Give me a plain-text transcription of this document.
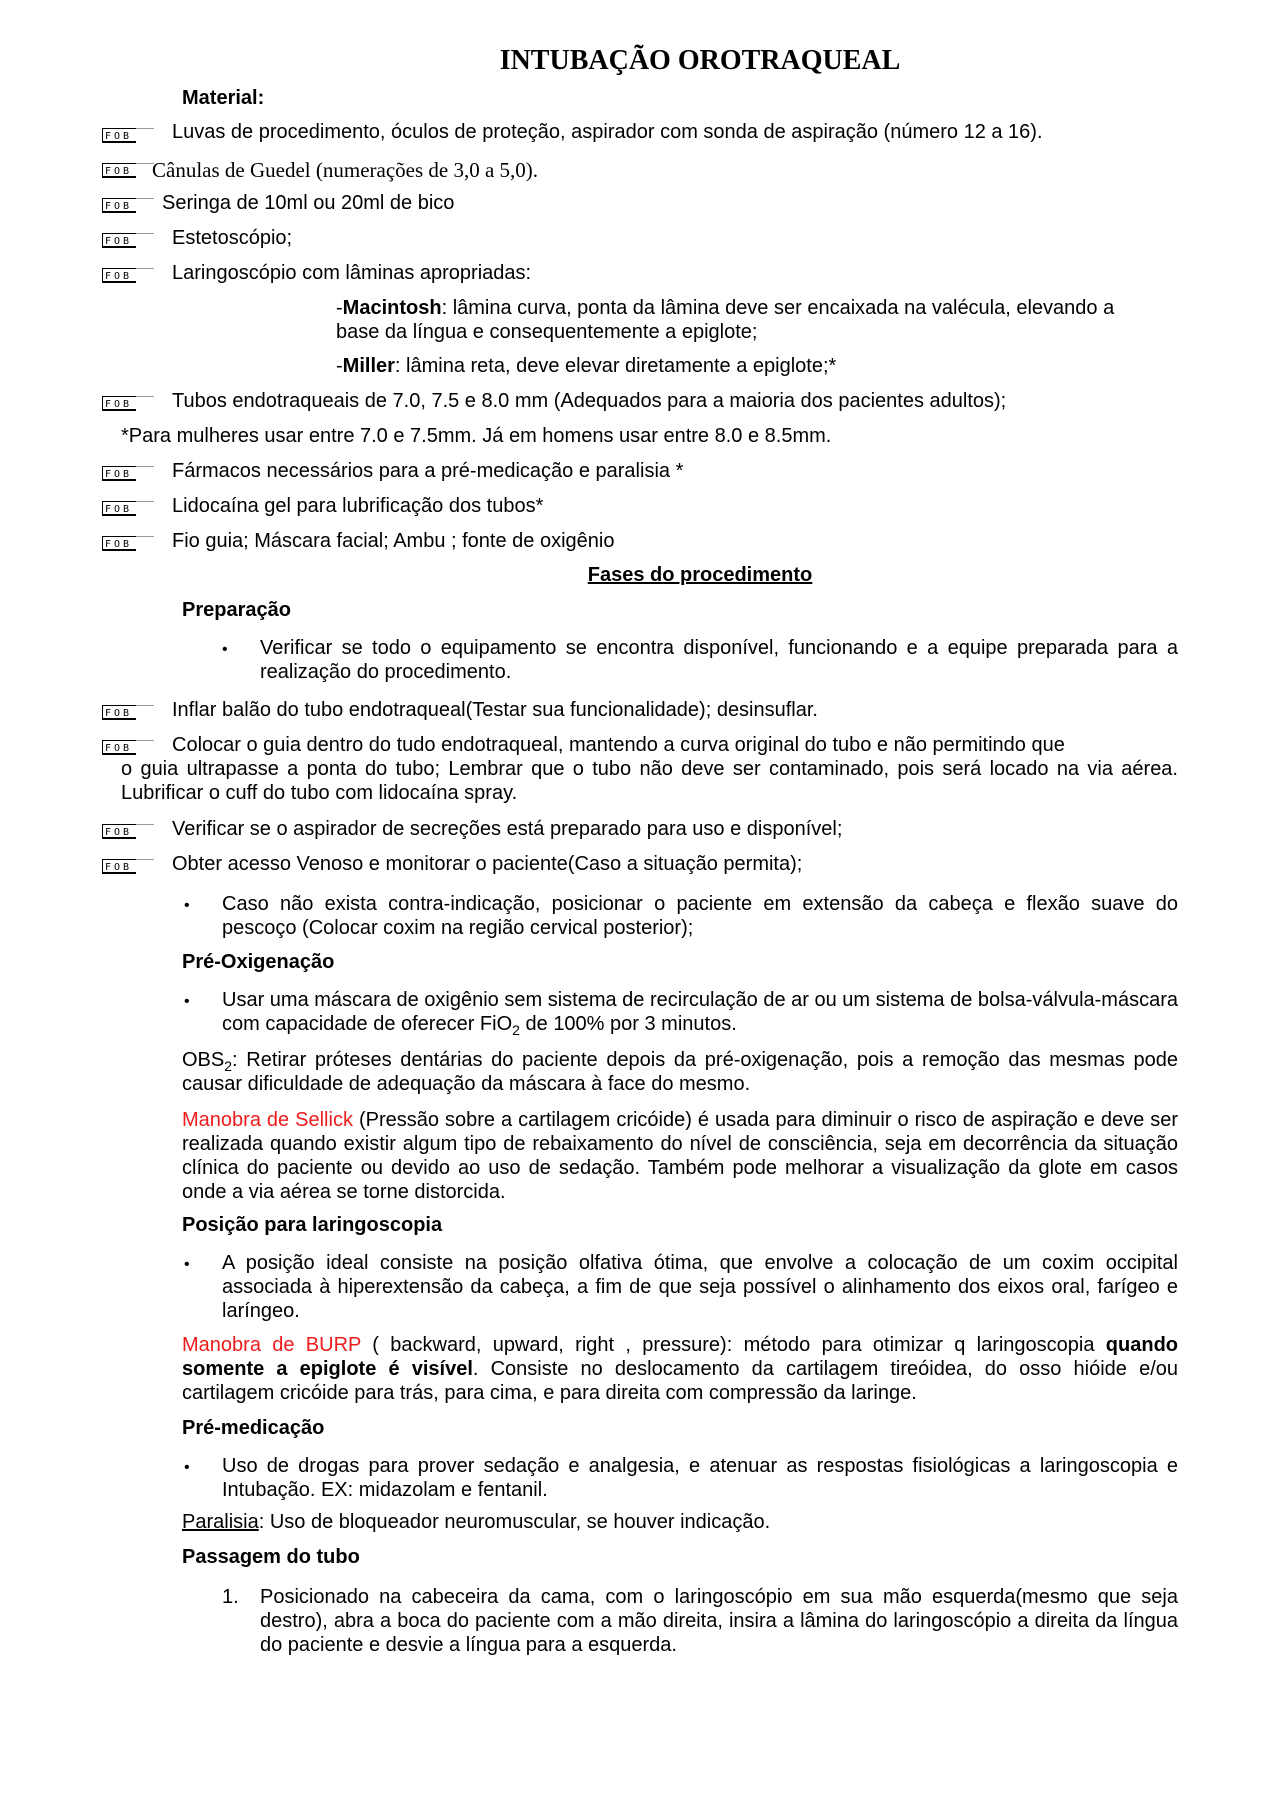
INTUBAÇÃO OROTRAQUEAL
Material:
FOB Luvas de procedimento, óculos de proteção, aspirador com sonda de aspiração (número 12 a 16).
FOB Cânulas de Guedel (numerações de 3,0 a 5,0).
FOB Seringa de 10ml ou 20ml de bico
FOB Estetoscópio;
FOB Laringoscópio com lâminas apropriadas:
-Macintosh: lâmina curva, ponta da lâmina deve ser encaixada na valécula, elevando a base da língua e consequentemente a epiglote;
-Miller: lâmina reta, deve elevar diretamente a epiglote;*
FOB Tubos endotraqueais de 7.0, 7.5 e 8.0 mm (Adequados para a maioria dos pacientes adultos);
*Para mulheres usar entre 7.0 e 7.5mm. Já em homens usar entre 8.0 e 8.5mm.
FOB Fármacos necessários para a pré-medicação e paralisia *
FOB Lidocaína gel para lubrificação dos tubos*
FOB Fio guia; Máscara facial; Ambu ; fonte de oxigênio
Fases do procedimento
Preparação
• Verificar se todo o equipamento se encontra disponível, funcionando e a equipe preparada para a realização do procedimento.
FOB Inflar balão do tubo endotraqueal(Testar sua funcionalidade); desinsuflar.
FOB Colocar o guia dentro do tudo endotraqueal, mantendo a curva original do tubo e não permitindo que
o guia ultrapasse a ponta do tubo; Lembrar que o tubo não deve ser contaminado, pois será locado na via aérea. Lubrificar o cuff do tubo com lidocaína spray.
FOB Verificar se o aspirador de secreções está preparado para uso e disponível;
FOB Obter acesso Venoso e monitorar o paciente(Caso a situação permita);
• Caso não exista contra-indicação, posicionar o paciente em extensão da cabeça e flexão suave do pescoço (Colocar coxim na região cervical posterior);
Pré-Oxigenação
• Usar uma máscara de oxigênio sem sistema de recirculação de ar ou um sistema de bolsa-válvula-máscara com capacidade de oferecer FiO$_2$ de 100% por 3 minutos.
$OBS_2$: Retirar próteses dentárias do paciente depois da pré-oxigenação, pois a remoção das mesmas pode causar dificuldade de adequação da máscara à face do mesmo.
Manobra de Sellick (Pressão sobre a cartilagem cricóide) é usada para diminuir o risco de aspiração e deve ser realizada quando existir algum tipo de rebaixamento do nível de consciência, seja em decorrência da situação clínica do paciente ou devido ao uso de sedação. Também pode melhorar a visualização da glote em casos onde a via aérea se torne distorcida.
Posição para laringoscopia
• A posição ideal consiste na posição olfativa ótima, que envolve a colocação de um coxim occipital associada à hiperextensão da cabeça, a fim de que seja possível o alinhamento dos eixos oral, farígeo e laríngeo.
Manobra de BURP ( backward, upward, right , pressure): método para otimizar q laringoscopia quando somente a epiglote é visível. Consiste no deslocamento da cartilagem tireóidea, do osso hióide e/ou cartilagem cricóide para trás, para cima, e para direita com compressão da laringe.
Pré-medicação
• Uso de drogas para prover sedação e analgesia, e atenuar as respostas fisiológicas a laringoscopia e Intubação. EX: midazolam e fentanil.
Paralisia: Uso de bloqueador neuromuscular, se houver indicação.
Passagem do tubo
1. Posicionado na cabeceira da cama, com o laringoscópio em sua mão esquerda(mesmo que seja destro), abra a boca do paciente com a mão direita, insira a lâmina do laringoscópio a direita da língua do paciente e desvie a língua para a esquerda.
